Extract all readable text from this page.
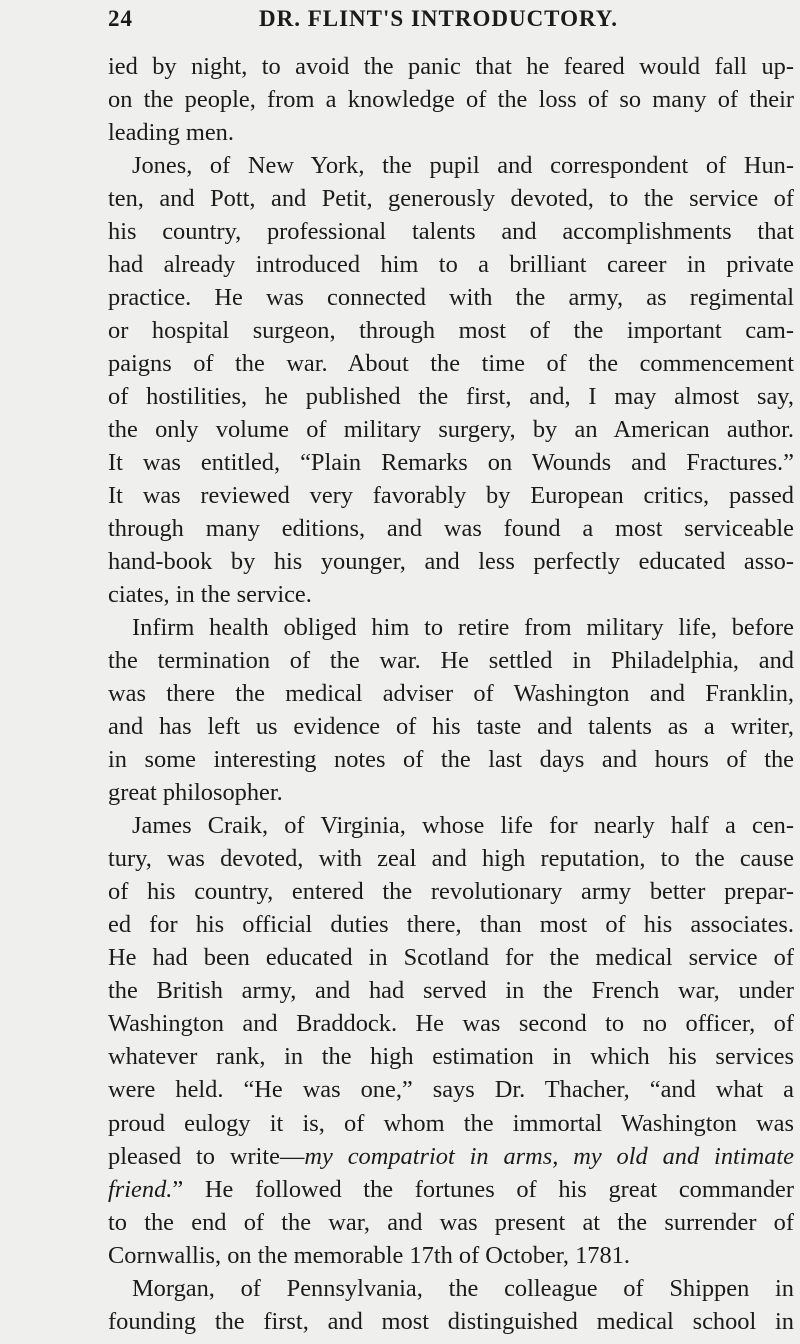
24	DR. FLINT'S INTRODUCTORY.
ied by night, to avoid the panic that he feared would fall up-
on the people, from a knowledge of the loss of so many of their
leading men.
Jones, of New York, the pupil and correspondent of Hun-
ten, and Pott, and Petit, generously devoted, to the service of
his country, professional talents and accomplishments that
had already introduced him to a brilliant career in private
practice. He was connected with the army, as regimental
or hospital surgeon, through most of the important cam-
paigns of the war. About the time of the commencement
of hostilities, he published the first, and, I may almost say,
the only volume of military surgery, by an American author.
It was entitled, “Plain Remarks on Wounds and Fractures.”
It was reviewed very favorably by European critics, passed
through many editions, and was found a most serviceable
hand-book by his younger, and less perfectly educated asso-
ciates, in the service.
Infirm health obliged him to retire from military life, before
the termination of the war. He settled in Philadelphia, and
was there the medical adviser of Washington and Franklin,
and has left us evidence of his taste and talents as a writer,
in some interesting notes of the last days and hours of the
great philosopher.
James Craik, of Virginia, whose life for nearly half a cen-
tury, was devoted, with zeal and high reputation, to the cause
of his country, entered the revolutionary army better prepar-
ed for his official duties there, than most of his associates.
He had been educated in Scotland for the medical service of
the British army, and had served in the French war, under
Washington and Braddock. He was second to no officer, of
whatever rank, in the high estimation in which his services
were held. “He was one,” says Dr. Thacher, “and what a
proud eulogy it is, of whom the immortal Washington was
pleased to write—my compatriot in arms, my old and intimate
friend.” He followed the fortunes of his great commander
to the end of the war, and was present at the surrender of
Cornwallis, on the memorable 17th of October, 1781.
Morgan, of Pennsylvania, the colleague of Shippen in
founding the first, and most distinguished medical school in
